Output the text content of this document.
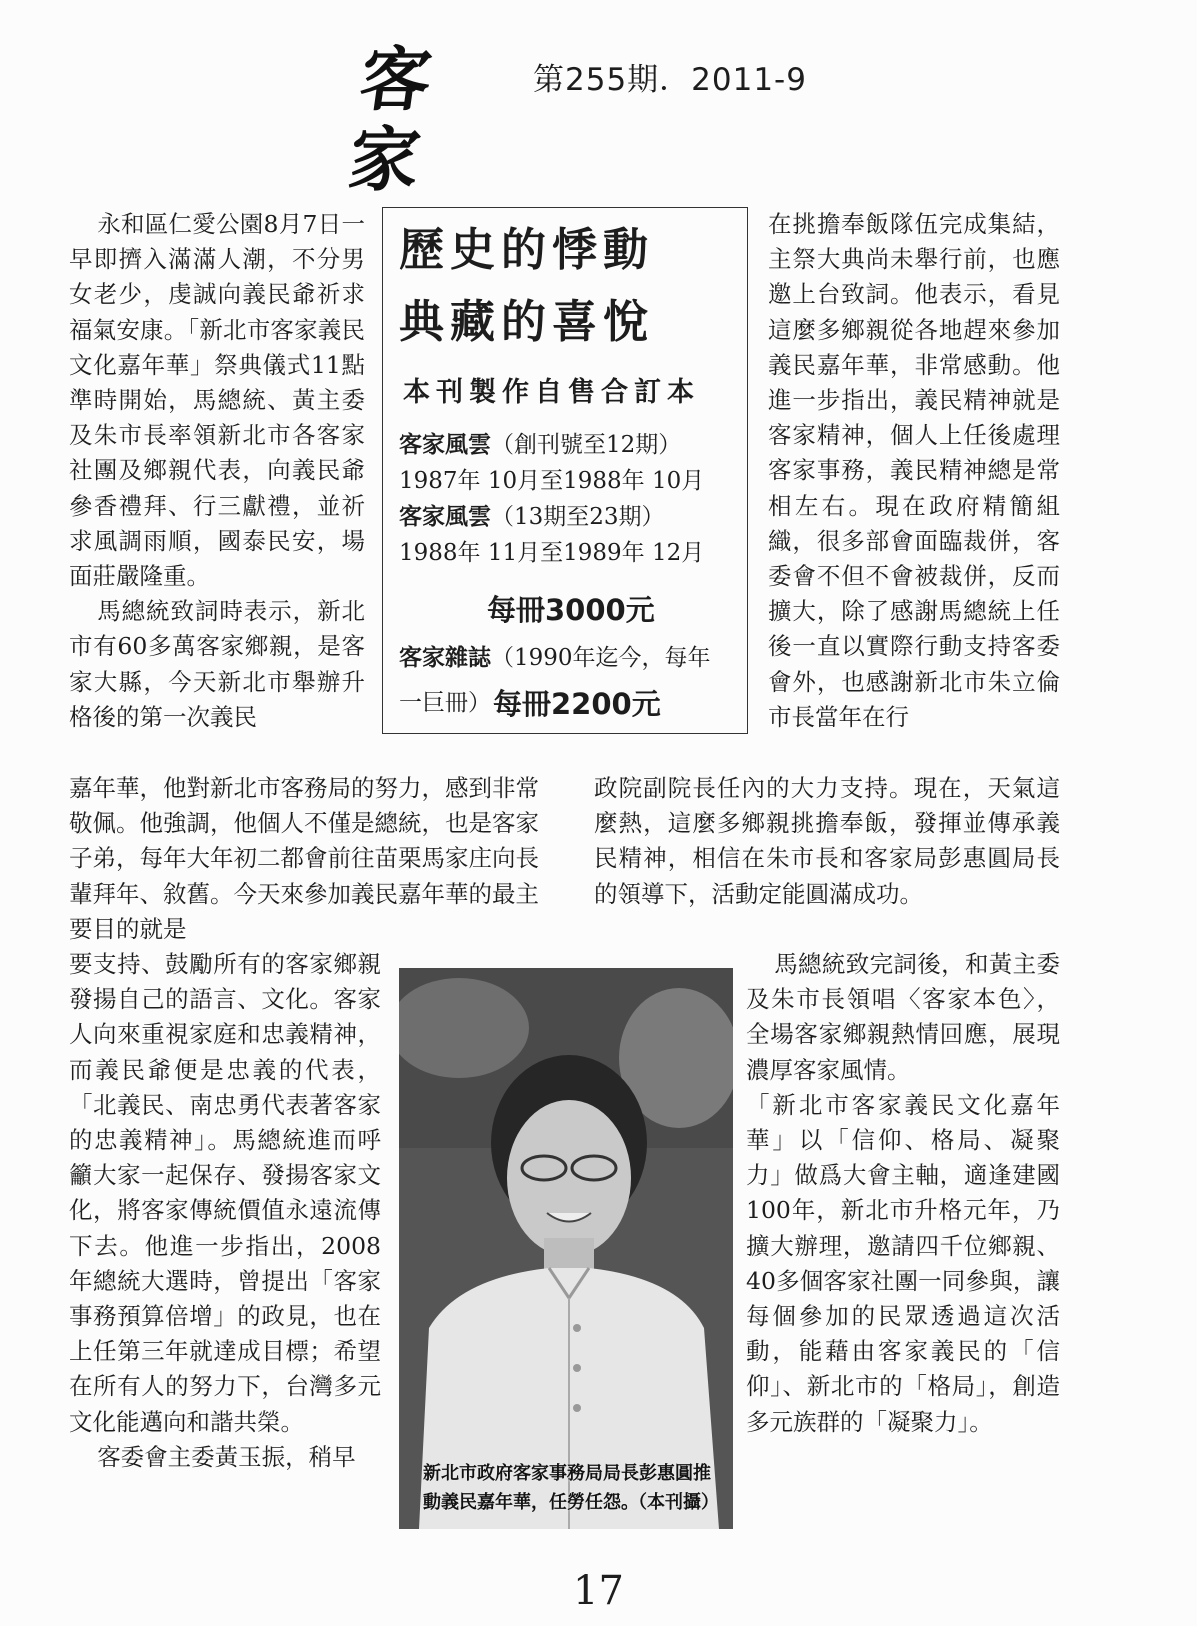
客家
第255期．2011-9

永和區仁愛公園8月7日一早即擠入滿滿人潮，不分男女老少，虔誠向義民爺祈求福氣安康。「新北市客家義民文化嘉年華」祭典儀式11點準時開始，馬總統、黃主委及朱市長率領新北市各客家社團及鄉親代表，向義民爺參香禮拜、行三獻禮，並祈求風調雨順，國泰民安，場面莊嚴隆重。

馬總統致詞時表示，新北市有60多萬客家鄉親，是客家大縣，今天新北市舉辦升格後的第一次義民

歷史的悸動
典藏的喜悅
本刊製作自售合訂本
客家風雲（創刊號至12期）
1987年 10月至1988年 10月
客家風雲（13期至23期）
1988年 11月至1989年 12月
每冊3000元
客家雜誌（1990年迄今，每年
一巨冊） 每冊2200元

在挑擔奉飯隊伍完成集結，主祭大典尚未舉行前，也應邀上台致詞。他表示，看見這麼多鄉親從各地趕來參加義民嘉年華，非常感動。他進一步指出，義民精神就是客家精神，個人上任後處理客家事務，義民精神總是常相左右。現在政府精簡組織，很多部會面臨裁併，客委會不但不會被裁併，反而擴大，除了感謝馬總統上任後一直以實際行動支持客委會外，也感謝新北市朱立倫市長當年在行

嘉年華，他對新北市客務局的努力，感到非常敬佩。他強調，他個人不僅是總統，也是客家子弟，每年大年初二都會前往苗栗馬家庄向長輩拜年、敘舊。今天來參加義民嘉年華的最主要目的就是
政院副院長任內的大力支持。現在，天氣這麼熱，這麼多鄉親挑擔奉飯，發揮並傳承義民精神，相信在朱市長和客家局彭惠圓局長的領導下，活動定能圓滿成功。

要支持、鼓勵所有的客家鄉親發揚自己的語言、文化。客家人向來重視家庭和忠義精神，而義民爺便是忠義的代表，「北義民、南忠勇代表著客家的忠義精神」。馬總統進而呼籲大家一起保存、發揚客家文化，將客家傳統價值永遠流傳下去。他進一步指出，2008年總統大選時，曾提出「客家事務預算倍增」的政見，也在上任第三年就達成目標；希望在所有人的努力下，台灣多元文化能邁向和諧共榮。

客委會主委黃玉振，稍早

新北市政府客家事務局局長彭惠圓推動義民嘉年華，任勞任怨。
（本刊攝）

馬總統致完詞後，和黃主委及朱市長領唱〈客家本色〉，全場客家鄉親熱情回應，展現濃厚客家風情。

「新北市客家義民文化嘉年華」以「信仰、格局、凝聚力」做爲大會主軸，適逢建國100年，新北市升格元年，乃擴大辦理，邀請四千位鄉親、40多個客家社團一同參與，讓每個參加的民眾透過這次活動，能藉由客家義民的「信仰」、新北市的「格局」，創造多元族群的「凝聚力」。

17
